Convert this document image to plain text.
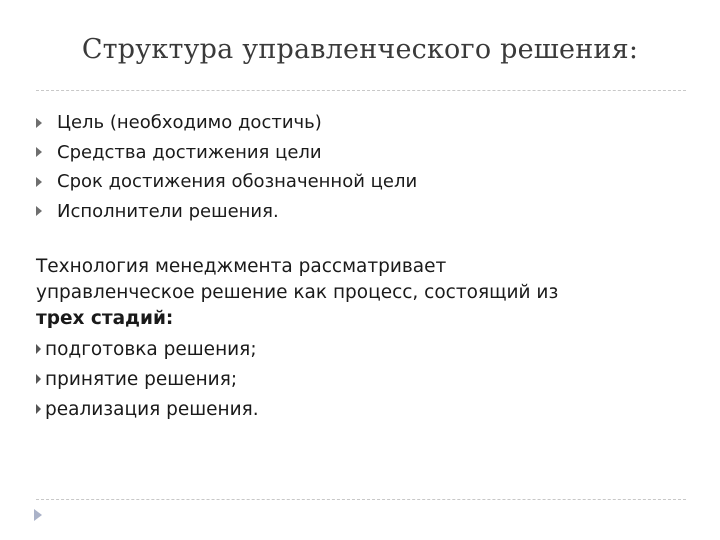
Структура управленческого решения:
Цель (необходимо достичь)
Средства достижения цели
Срок достижения обозначенной цели
Исполнители решения.
Технология менеджмента рассматривает
управленческое решение как процесс, состоящий из
трех стадий:
подготовка решения;
принятие решения;
реализация решения.
